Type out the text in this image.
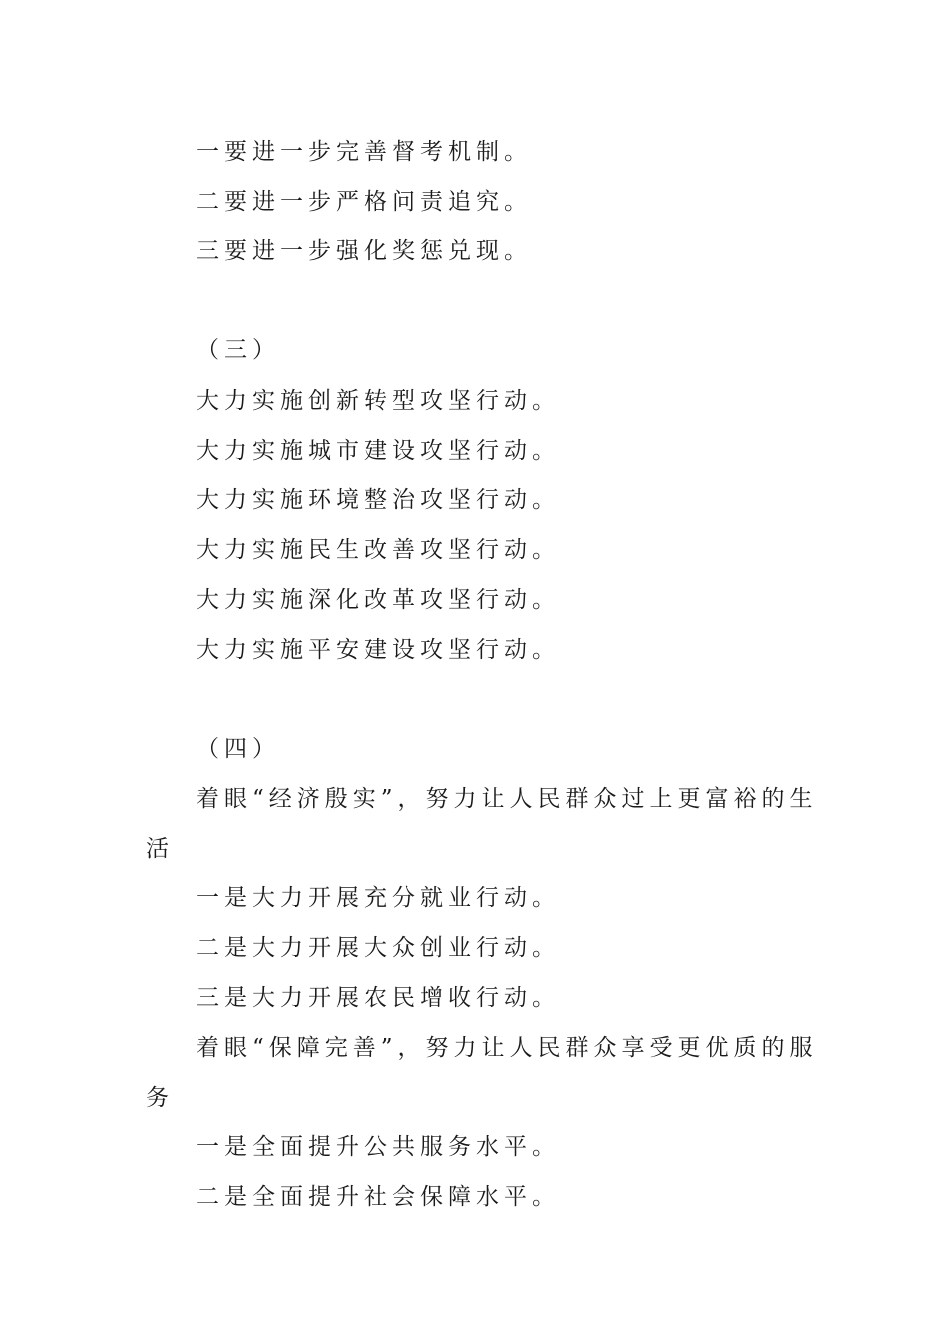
一要进一步完善督考机制。
二要进一步严格问责追究。
三要进一步强化奖惩兑现。
（三）
大力实施创新转型攻坚行动。
大力实施城市建设攻坚行动。
大力实施环境整治攻坚行动。
大力实施民生改善攻坚行动。
大力实施深化改革攻坚行动。
大力实施平安建设攻坚行动。
（四）
着眼“经济殷实”，努力让人民群众过上更富裕的生
活
一是大力开展充分就业行动。
二是大力开展大众创业行动。
三是大力开展农民增收行动。
着眼“保障完善”，努力让人民群众享受更优质的服
务
一是全面提升公共服务水平。
二是全面提升社会保障水平。
